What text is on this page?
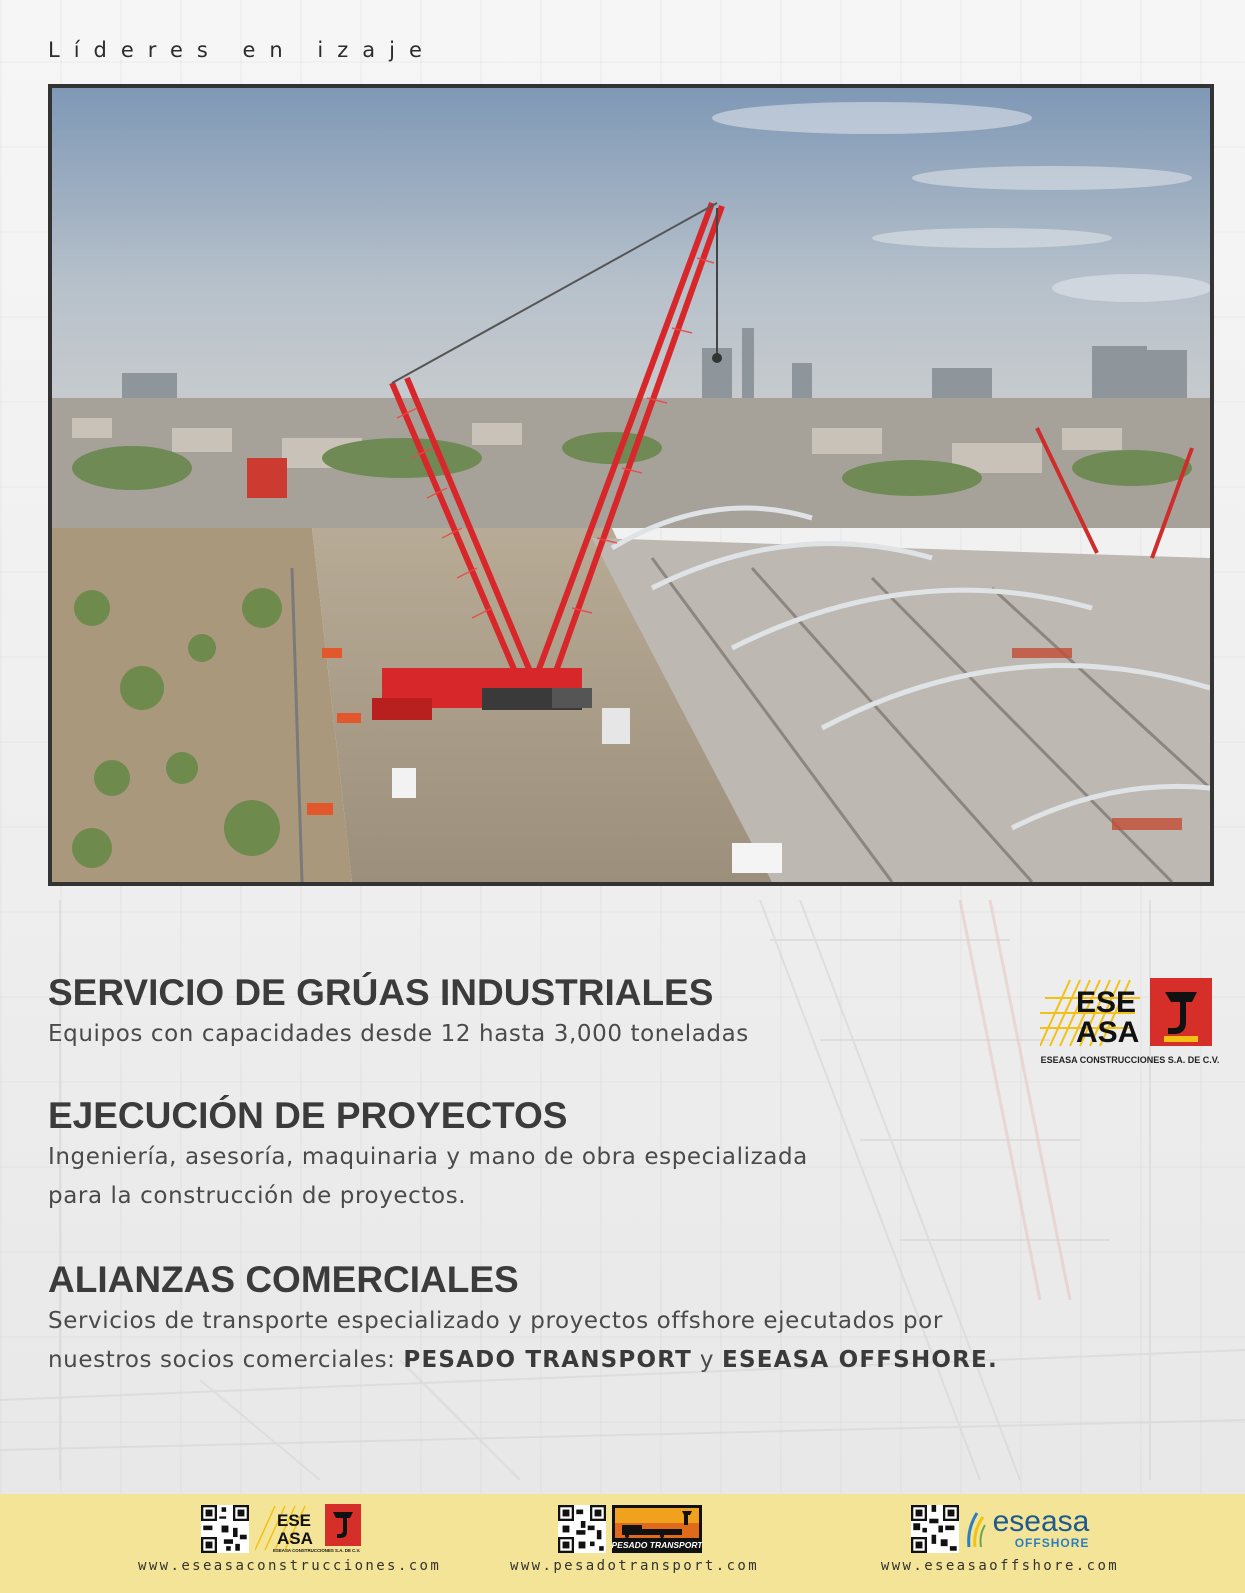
Líderes en izaje
SERVICIO DE GRÚAS INDUSTRIALES

Equipos con capacidades desde 12 hasta 3,000 toneladas

EJECUCIÓN DE PROYECTOS

Ingeniería, asesoría, maquinaria y mano de obra especializada

para la construcción de proyectos.

ALIANZAS COMERCIALES

Servicios de transporte especializado y proyectos offshore ejecutados por

nuestros socios comerciales: PESADO TRANSPORT y ESEASA OFFSHORE.

ESE
ASA
ESEASA CONSTRUCCIONES S.A. DE C.V.
ESE
ASA
ESEASA CONSTRUCCIONES S.A. DE C.V.
www.eseasaconstrucciones.com
PESADO TRANSPORT
www.pesadotransport.com
eseasa
OFFSHORE
www.eseasaoffshore.com
